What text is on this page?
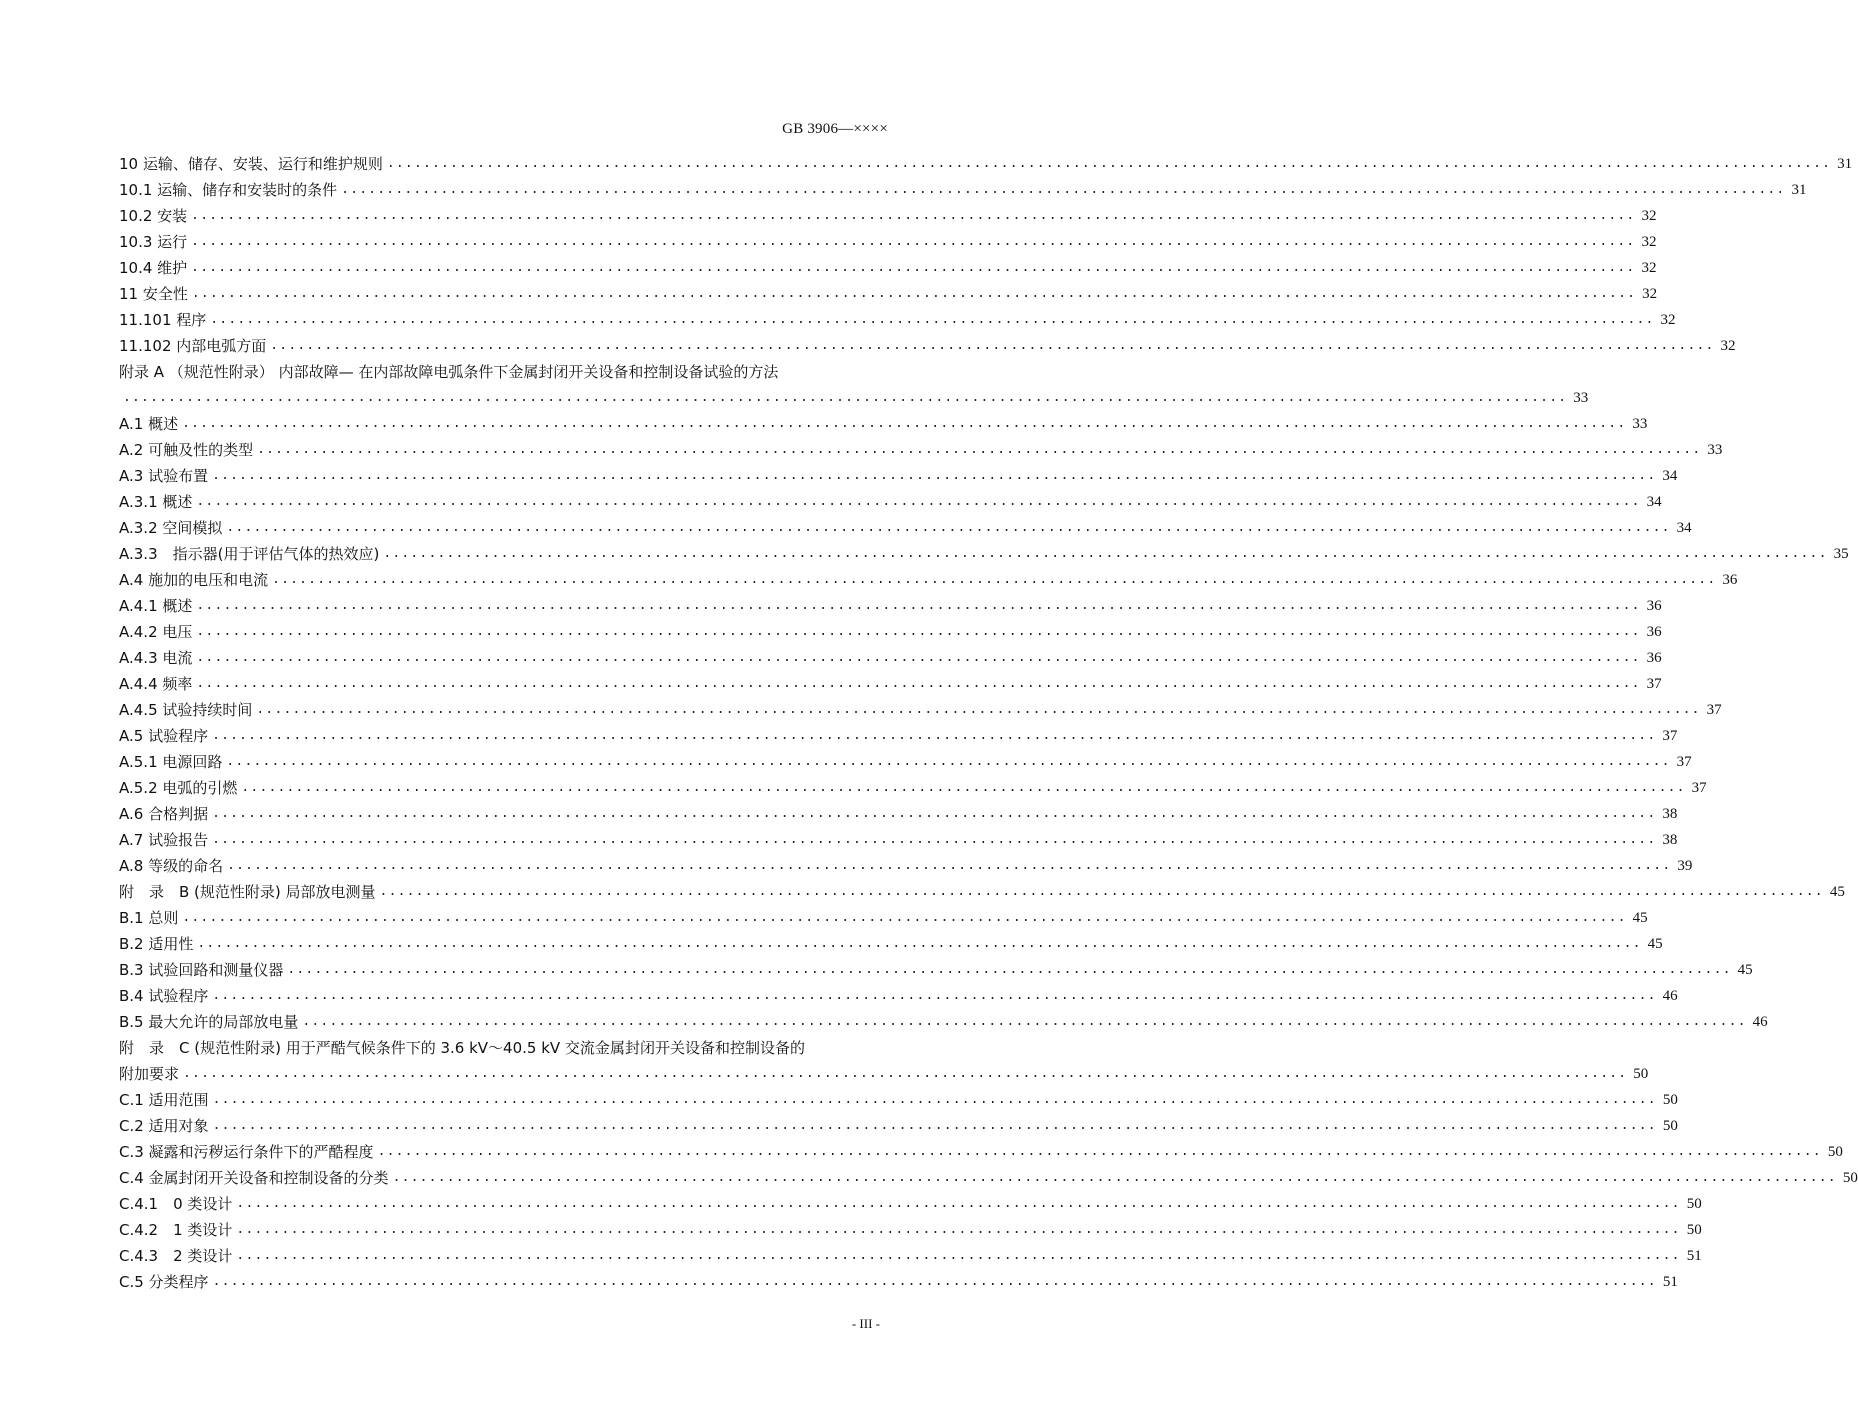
GB 3906—××××
10 运输、储存、安装、运行和维护规则 ................................................................................................................................................................ 31
10.1 运输、储存和安装时的条件 ................................................................................................................................................................ 31
10.2 安装 ................................................................................................................................................................ 32
10.3 运行 ................................................................................................................................................................ 32
10.4 维护 ................................................................................................................................................................ 32
11 安全性 ................................................................................................................................................................ 32
11.101 程序 ................................................................................................................................................................ 32
11.102 内部电弧方面 ................................................................................................................................................................ 32
附录 A （规范性附录） 内部故障— 在内部故障电弧条件下金属封闭开关设备和控制设备试验的方法
................................................................................................................................................................ 33
A.1 概述 ................................................................................................................................................................ 33
A.2 可触及性的类型 ................................................................................................................................................................ 33
A.3 试验布置 ................................................................................................................................................................ 34
A.3.1 概述 ................................................................................................................................................................ 34
A.3.2 空间模拟 ................................................................................................................................................................ 34
A.3.3　指示器(用于评估气体的热效应) ................................................................................................................................................................ 35
A.4 施加的电压和电流 ................................................................................................................................................................ 36
A.4.1 概述 ................................................................................................................................................................ 36
A.4.2 电压 ................................................................................................................................................................ 36
A.4.3 电流 ................................................................................................................................................................ 36
A.4.4 频率 ................................................................................................................................................................ 37
A.4.5 试验持续时间 ................................................................................................................................................................ 37
A.5 试验程序 ................................................................................................................................................................ 37
A.5.1 电源回路 ................................................................................................................................................................ 37
A.5.2 电弧的引燃 ................................................................................................................................................................ 37
A.6 合格判据 ................................................................................................................................................................ 38
A.7 试验报告 ................................................................................................................................................................ 38
A.8 等级的命名 ................................................................................................................................................................ 39
附　录　B (规范性附录) 局部放电测量 ................................................................................................................................................................ 45
B.1 总则 ................................................................................................................................................................ 45
B.2 适用性 ................................................................................................................................................................ 45
B.3 试验回路和测量仪器 ................................................................................................................................................................ 45
B.4 试验程序 ................................................................................................................................................................ 46
B.5 最大允许的局部放电量 ................................................................................................................................................................ 46
附　录　C (规范性附录) 用于严酷气候条件下的 3.6 kV～40.5 kV 交流金属封闭开关设备和控制设备的
附加要求 ................................................................................................................................................................ 50
C.1 适用范围 ................................................................................................................................................................ 50
C.2 适用对象 ................................................................................................................................................................ 50
C.3 凝露和污秽运行条件下的严酷程度 ................................................................................................................................................................ 50
C.4 金属封闭开关设备和控制设备的分类 ................................................................................................................................................................ 50
C.4.1　0 类设计 ................................................................................................................................................................ 50
C.4.2　1 类设计 ................................................................................................................................................................ 50
C.4.3　2 类设计 ................................................................................................................................................................ 51
C.5 分类程序 ................................................................................................................................................................ 51
- III -
